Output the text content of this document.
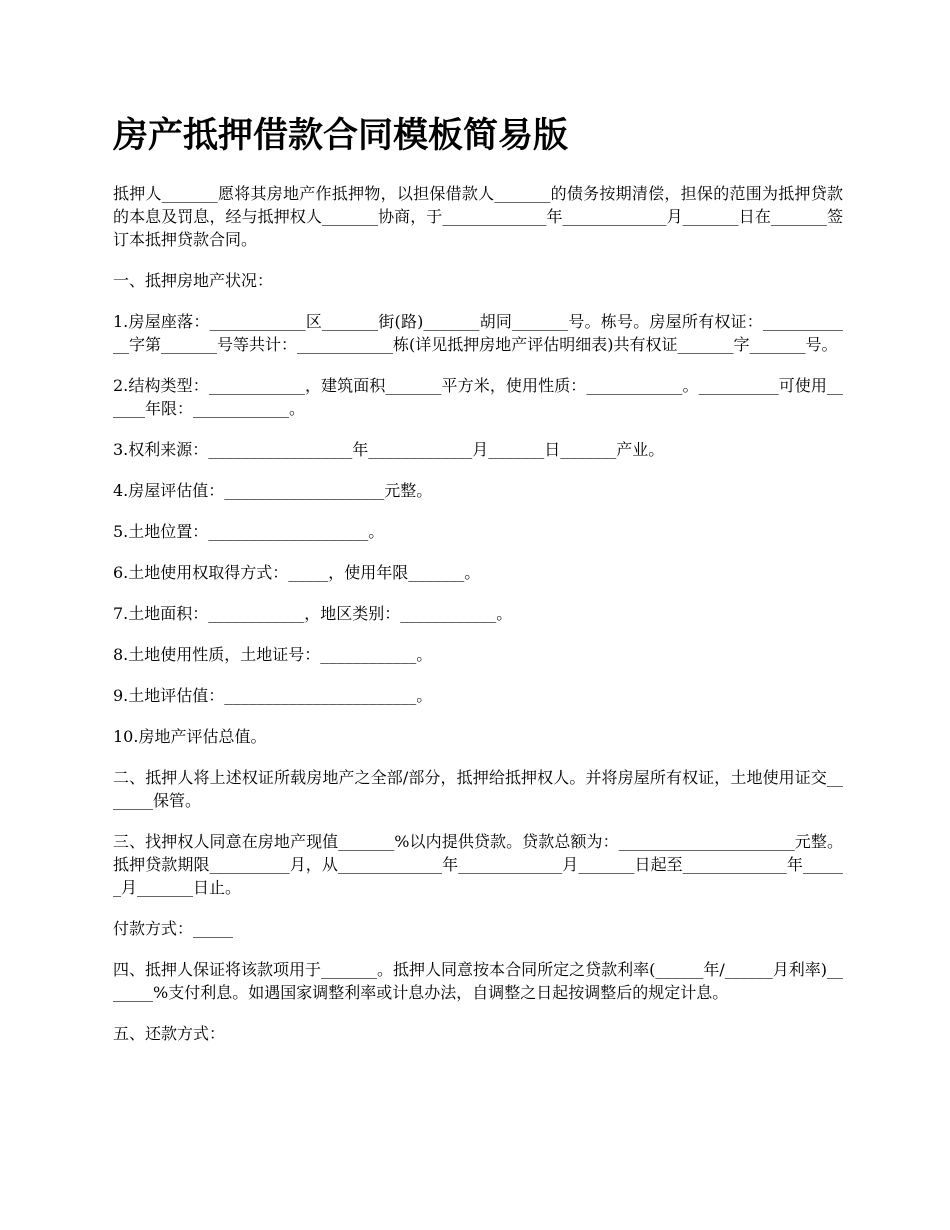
房产抵押借款合同模板简易版

抵押人_______愿将其房地产作抵押物，以担保借款人_______的债务按期清偿，担保的范围为抵押贷款的本息及罚息，经与抵押权人_______协商，于_____________年_____________月_______日在_______签订本抵押贷款合同。

一、抵押房地产状况：

1.房屋座落：____________区_______街(路)_______胡同_______号。栋号。房屋所有权证：____________字第_______号等共计：____________栋(详见抵押房地产评估明细表)共有权证_______字_______号。

2.结构类型：____________，建筑面积_______平方米，使用性质：____________。__________可使用______年限：____________。

3.权利来源：__________________年_____________月_______日_______产业。

4.房屋评估值：____________________元整。

5.土地位置：____________________。

6.土地使用权取得方式：_____，使用年限_______。

7.土地面积：____________，地区类别：____________。

8.土地使用性质，土地证号：____________。

9.土地评估值：________________________。

10.房地产评估总值。

二、抵押人将上述权证所载房地产之全部/部分，抵押给抵押权人。并将房屋所有权证，土地使用证交_______保管。

三、找押权人同意在房地产现值_______%以内提供贷款。贷款总额为：______________________元整。抵押贷款期限__________月，从_____________年_____________月_______日起至_____________年______月_______日止。

付款方式：_____

四、抵押人保证将该款项用于_______。抵押人同意按本合同所定之贷款利率(______年/______月利率)_______%支付利息。如遇国家调整利率或计息办法，自调整之日起按调整后的规定计息。

五、还款方式：
